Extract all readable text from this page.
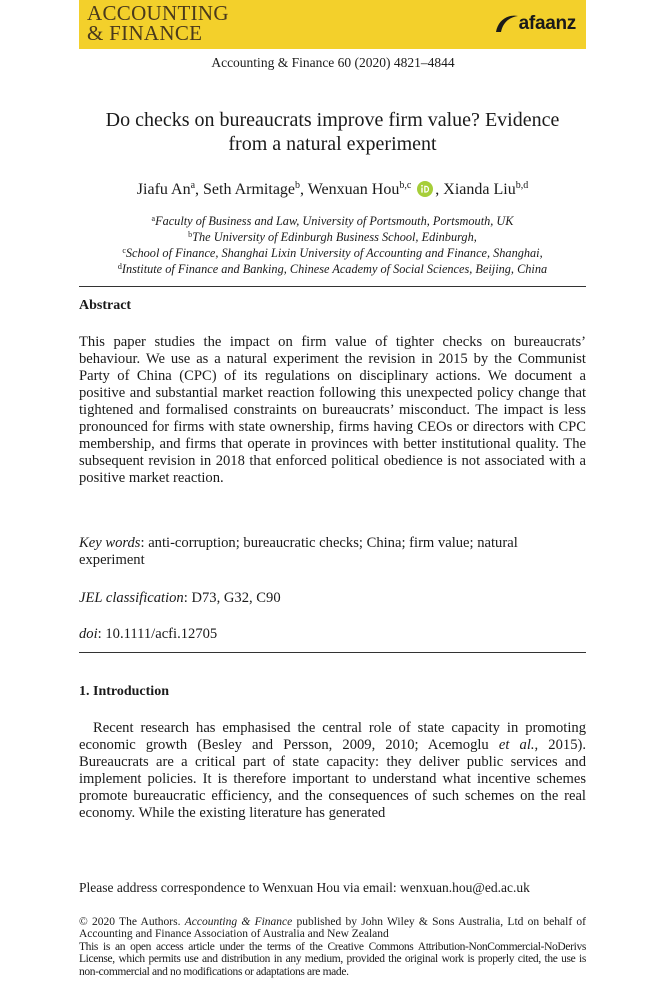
ACCOUNTING
& FINANCE	afaanz
Accounting & Finance 60 (2020) 4821–4844
Do checks on bureaucrats improve firm value? Evidence
from a natural experiment
Jiafu An$^a$, Seth Armitage$^b$, Wenxuan Hou$^{b,c}$ , Xianda Liu$^{b,d}$
$^a$Faculty of Business and Law, University of Portsmouth, Portsmouth, UK
$^b$The University of Edinburgh Business School, Edinburgh,
$^c$School of Finance, Shanghai Lixin University of Accounting and Finance, Shanghai,
$^d$Institute of Finance and Banking, Chinese Academy of Social Sciences, Beijing, China
Abstract
This paper studies the impact on firm value of tighter checks on bureaucrats’ behaviour. We use as a natural experiment the revision in 2015 by the Communist Party of China (CPC) of its regulations on disciplinary actions. We document a positive and substantial market reaction following this unexpected policy change that tightened and formalised constraints on bureaucrats’ misconduct. The impact is less pronounced for firms with state ownership, firms having CEOs or directors with CPC membership, and firms that operate in provinces with better institutional quality. The subsequent revision in 2018 that enforced political obedience is not associated with a positive market reaction.
Key words: anti-corruption; bureaucratic checks; China; firm value; natural experiment
JEL classification: D73, G32, C90
doi: 10.1111/acfi.12705
1. Introduction
Recent research has emphasised the central role of state capacity in promoting economic growth (Besley and Persson, 2009, 2010; Acemoglu et al., 2015). Bureaucrats are a critical part of state capacity: they deliver public services and implement policies. It is therefore important to understand what incentive schemes promote bureaucratic efficiency, and the consequences of such schemes on the real economy. While the existing literature has generated
Please address correspondence to Wenxuan Hou via email: wenxuan.hou@ed.ac.uk
© 2020 The Authors. Accounting & Finance published by John Wiley & Sons Australia, Ltd on behalf of Accounting and Finance Association of Australia and New Zealand
This is an open access article under the terms of the Creative Commons Attribution-NonCommercial-NoDerivs License, which permits use and distribution in any medium, provided the original work is properly cited, the use is non-commercial and no modifications or adaptations are made.
